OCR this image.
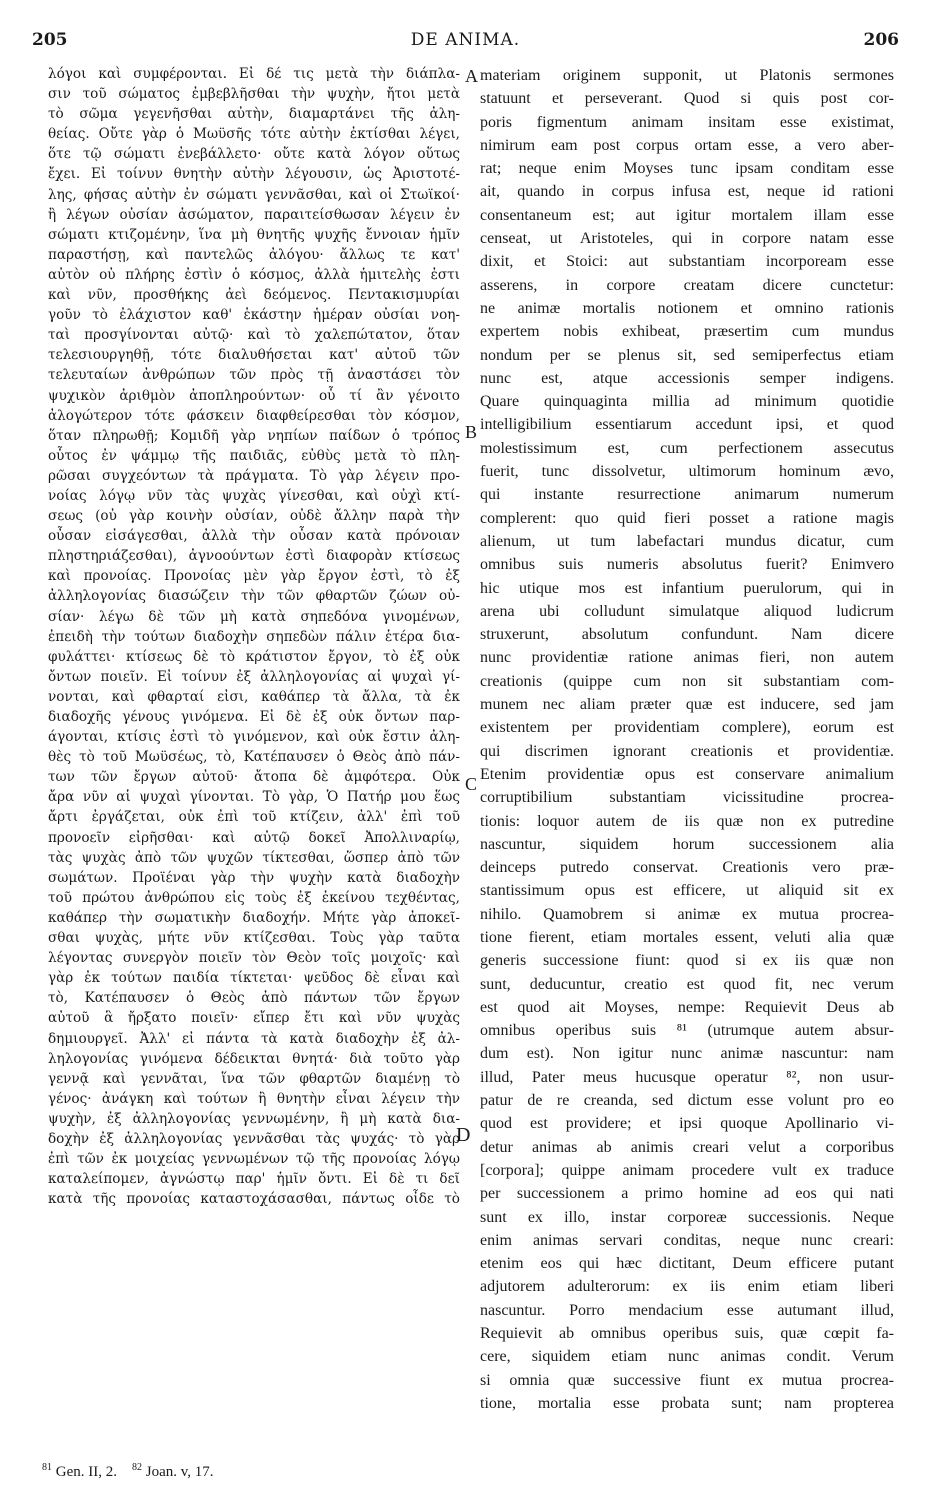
205	DE ANIMA.	206
λόγοι καὶ συμφέρονται. Εἰ δέ τις μετὰ τὴν διάπλα-
σιν τοῦ σώματος ἐμβεβλῆσθαι τὴν ψυχὴν, ἤτοι μετὰ
τὸ σῶμα γεγενῆσθαι αὐτὴν, διαμαρτάνει τῆς ἀλη-
θείας. Οὔτε γὰρ ὁ Μωϋσῆς τότε αὐτὴν ἐκτίσθαι λέγει,
ὅτε τῷ σώματι ἐνεβάλλετο· οὔτε κατὰ λόγον οὕτως
ἔχει. Εἰ τοίνυν θνητὴν αὐτὴν λέγουσιν, ὡς Ἀριστοτέ-
λης, φήσας αὐτὴν ἐν σώματι γεννᾶσθαι, καὶ οἱ Στωϊκοί·
ἢ λέγων οὐσίαν ἀσώματον, παραιτείσθωσαν λέγειν ἐν
σώματι κτιζομένην, ἵνα μὴ θνητῆς ψυχῆς ἔννοιαν ἡμῖν
παραστήσῃ, καὶ παντελῶς ἀλόγου· ἄλλως τε κατ'
αὐτὸν οὐ πλήρης ἐστὶν ὁ κόσμος, ἀλλὰ ἡμιτελὴς ἐστι
καὶ νῦν, προσθήκης ἀεὶ δεόμενος. Πεντακισμυρίαι
γοῦν τὸ ἐλάχιστον καθ' ἑκάστην ἡμέραν οὐσίαι νοη-
ταὶ προσγίνονται αὐτῷ· καὶ τὸ χαλεπώτατον, ὅταν
τελεσιουργηθῇ, τότε διαλυθήσεται κατ' αὐτοῦ τῶν
τελευταίων ἀνθρώπων τῶν πρὸς τῇ ἀναστάσει τὸν
ψυχικὸν ἀριθμὸν ἀποπληρούντων· οὗ τί ἂν γένοιτο
ἀλογώτερον τότε φάσκειν διαφθείρεσθαι τὸν κόσμον,
ὅταν πληρωθῇ; Κομιδῆ γὰρ νηπίων παίδων ὁ τρόπος
οὗτος ἐν ψάμμῳ τῆς παιδιᾶς, εὐθὺς μετὰ τὸ πλη-
ρῶσαι συγχεόντων τὰ πράγματα. Τὸ γὰρ λέγειν προ-
νοίας λόγῳ νῦν τὰς ψυχὰς γίνεσθαι, καὶ οὐχὶ κτί-
σεως (οὐ γὰρ κοινὴν οὐσίαν, οὐδὲ ἄλλην παρὰ τὴν
οὖσαν εἰσάγεσθαι, ἀλλὰ τὴν οὖσαν κατὰ πρόνοιαν
πληστηριάζεσθαι), ἀγνοούντων ἐστὶ διαφορὰν κτίσεως
καὶ προνοίας. Προνοίας μὲν γὰρ ἔργον ἐστὶ, τὸ ἐξ
ἀλληλογονίας διασώζειν τὴν τῶν φθαρτῶν ζώων οὐ-
σίαν· λέγω δὲ τῶν μὴ κατὰ σηπεδόνα γινομένων,
ἐπειδὴ τὴν τούτων διαδοχὴν σηπεδὼν πάλιν ἑτέρα δια-
φυλάττει· κτίσεως δὲ τὸ κράτιστον ἔργον, τὸ ἐξ οὐκ
ὄντων ποιεῖν. Εἰ τοίνυν ἐξ ἀλληλογονίας αἱ ψυχαὶ γί-
νονται, καὶ φθαρταί εἰσι, καθάπερ τὰ ἄλλα, τὰ ἐκ
διαδοχῆς γένους γινόμενα. Εἰ δὲ ἐξ οὐκ ὄντων παρ-
άγονται, κτίσις ἐστὶ τὸ γινόμενον, καὶ οὐκ ἔστιν ἀλη-
θὲς τὸ τοῦ Μωϋσέως, τὸ, Κατέπαυσεν ὁ Θεὸς ἀπὸ πάν-
των τῶν ἔργων αὐτοῦ· ἄτοπα δὲ ἀμφότερα. Οὐκ
ἄρα νῦν αἱ ψυχαὶ γίνονται. Τὸ γὰρ, Ὁ Πατήρ μου ἕως
ἄρτι ἐργάζεται, οὐκ ἐπὶ τοῦ κτίζειν, ἀλλ' ἐπὶ τοῦ
προνοεῖν εἰρῆσθαι· καὶ αὐτῷ δοκεῖ Ἀπολλιναρίῳ,
τὰς ψυχὰς ἀπὸ τῶν ψυχῶν τίκτεσθαι, ὥσπερ ἀπὸ τῶν
σωμάτων. Προϊέναι γὰρ τὴν ψυχὴν κατὰ διαδοχὴν
τοῦ πρώτου ἀνθρώπου εἰς τοὺς ἐξ ἐκείνου τεχθέντας,
καθάπερ τὴν σωματικὴν διαδοχήν. Μήτε γὰρ ἀποκεῖ-
σθαι ψυχὰς, μήτε νῦν κτίζεσθαι. Τοὺς γὰρ ταῦτα
λέγοντας συνεργὸν ποιεῖν τὸν Θεὸν τοῖς μοιχοῖς· καὶ
γὰρ ἐκ τούτων παιδία τίκτεται· ψεῦδος δὲ εἶναι καὶ
τὸ, Κατέπαυσεν ὁ Θεὸς ἀπὸ πάντων τῶν ἔργων
αὐτοῦ ἃ ἤρξατο ποιεῖν· εἴπερ ἔτι καὶ νῦν ψυχὰς
δημιουργεῖ. Ἀλλ' εἰ πάντα τὰ κατὰ διαδοχὴν ἐξ ἀλ-
ληλογονίας γινόμενα δέδεικται θνητά· διὰ τοῦτο γὰρ
γεννᾷ καὶ γεννᾶται, ἵνα τῶν φθαρτῶν διαμένῃ τὸ
γένος· ἀνάγκη καὶ τούτων ἢ θνητὴν εἶναι λέγειν τὴν
ψυχὴν, ἐξ ἀλληλογονίας γεννωμένην, ἢ μὴ κατὰ δια-
δοχὴν ἐξ ἀλληλογονίας γεννᾶσθαι τὰς ψυχάς· τὸ γὰρ
ἐπὶ τῶν ἐκ μοιχείας γεννωμένων τῷ τῆς προνοίας λόγῳ
καταλείπομεν, ἀγνώστῳ παρ' ἡμῖν ὄντι. Εἰ δὲ τι δεῖ
κατὰ τῆς προνοίας καταστοχάσασθαι, πάντως οἶδε τὸ
A
B
C
D
materiam originem supponit, ut Platonis sermones
statuunt et perseverant. Quod si quis post cor-
poris figmentum animam insitam esse existimat,
nimirum eam post corpus ortam esse, a vero aber-
rat; neque enim Moyses tunc ipsam conditam esse
ait, quando in corpus infusa est, neque id rationi
consentaneum est; aut igitur mortalem illam esse
censeat, ut Aristoteles, qui in corpore natam esse
dixit, et Stoici: aut substantiam incorpoream esse
asserens, in corpore creatam dicere cunctetur:
ne animæ mortalis notionem et omnino rationis
expertem nobis exhibeat, præsertim cum mundus
nondum per se plenus sit, sed semiperfectus etiam
nunc est, atque accessionis semper indigens.
Quare quinquaginta millia ad minimum quotidie
intelligibilium essentiarum accedunt ipsi, et quod
molestissimum est, cum perfectionem assecutus
fuerit, tunc dissolvetur, ultimorum hominum ævo,
qui instante resurrectione animarum numerum
complerent: quo quid fieri posset a ratione magis
alienum, ut tum labefactari mundus dicatur, cum
omnibus suis numeris absolutus fuerit? Enimvero
hic utique mos est infantium puerulorum, qui in
arena ubi colludunt simulatque aliquod ludicrum
struxerunt, absolutum confundunt. Nam dicere
nunc providentiæ ratione animas fieri, non autem
creationis (quippe cum non sit substantiam com-
munem nec aliam præter quæ est inducere, sed jam
existentem per providentiam complere), eorum est
qui discrimen ignorant creationis et providentiæ.
Etenim providentiæ opus est conservare animalium
corruptibilium substantiam vicissitudine procrea-
tionis: loquor autem de iis quæ non ex putredine
nascuntur, siquidem horum successionem alia
deinceps putredo conservat. Creationis vero præ-
stantissimum opus est efficere, ut aliquid sit ex
nihilo. Quamobrem si animæ ex mutua procrea-
tione fierent, etiam mortales essent, veluti alia quæ
generis successione fiunt: quod si ex iis quæ non
sunt, deducuntur, creatio est quod fit, nec verum
est quod ait Moyses, nempe: Requievit Deus ab
omnibus operibus suis ⁸¹ (utrumque autem absur-
dum est). Non igitur nunc animæ nascuntur: nam
illud, Pater meus hucusque operatur ⁸², non usur-
patur de re creanda, sed dictum esse volunt pro eo
quod est providere; et ipsi quoque Apollinario vi-
detur animas ab animis creari velut a corporibus
[corpora]; quippe animam procedere vult ex traduce
per successionem a primo homine ad eos qui nati
sunt ex illo, instar corporeæ successionis. Neque
enim animas servari conditas, neque nunc creari:
etenim eos qui hæc dictitant, Deum efficere putant
adjutorem adulterorum: ex iis enim etiam liberi
nascuntur. Porro mendacium esse autumant illud,
Requievit ab omnibus operibus suis, quæ cœpit fa-
cere, siquidem etiam nunc animas condit. Verum
si omnia quæ successive fiunt ex mutua procrea-
tione, mortalia esse probata sunt; nam propterea
$^{81}$ Gen. II, 2. $^{82}$ Joan. v, 17.
